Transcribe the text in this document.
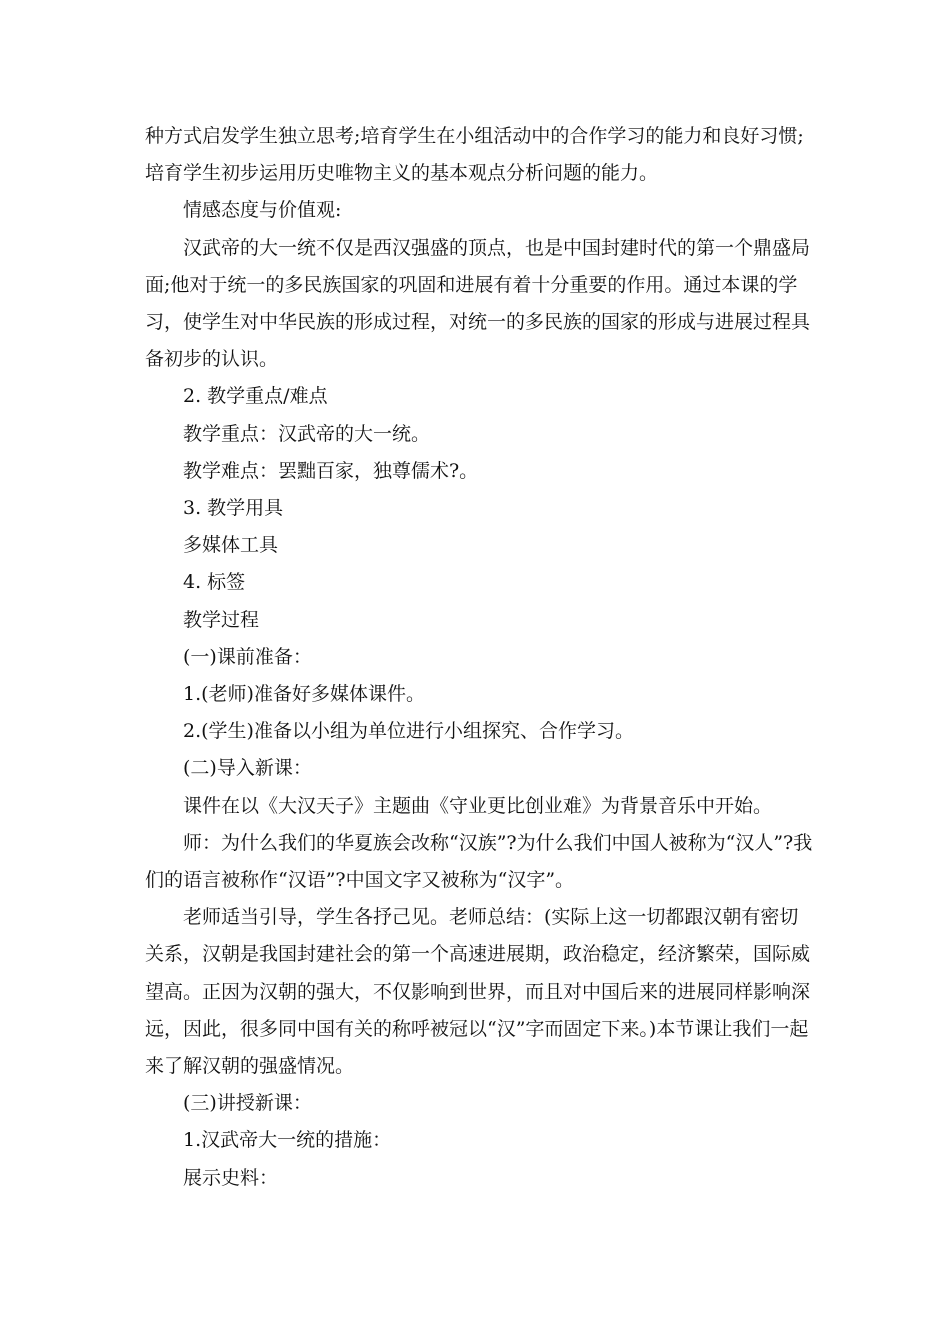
种方式启发学生独立思考;培育学生在小组活动中的合作学习的能力和良好习惯;培育学生初步运用历史唯物主义的基本观点分析问题的能力。

情感态度与价值观:

汉武帝的大一统不仅是西汉强盛的顶点，也是中国封建时代的第一个鼎盛局面;他对于统一的多民族国家的巩固和进展有着十分重要的作用。通过本课的学习，使学生对中华民族的形成过程，对统一的多民族的国家的形成与进展过程具备初步的认识。

2. 教学重点/难点

教学重点：汉武帝的大一统。

教学难点：罢黜百家，独尊儒术?。

3. 教学用具

多媒体工具

4. 标签

教学过程

(一)课前准备：

1.(老师)准备好多媒体课件。

2.(学生)准备以小组为单位进行小组探究、合作学习。

(二)导入新课：

课件在以《大汉天子》主题曲《守业更比创业难》为背景音乐中开始。

师：为什么我们的华夏族会改称“汉族”?为什么我们中国人被称为“汉人”?我们的语言被称作“汉语”?中国文字又被称为“汉字”。

老师适当引导，学生各抒己见。老师总结：(实际上这一切都跟汉朝有密切关系，汉朝是我国封建社会的第一个高速进展期，政治稳定，经济繁荣，国际威望高。正因为汉朝的强大，不仅影响到世界，而且对中国后来的进展同样影响深远，因此，很多同中国有关的称呼被冠以“汉”字而固定下来。)本节课让我们一起来了解汉朝的强盛情况。

(三)讲授新课：

1.汉武帝大一统的措施：

展示史料：
